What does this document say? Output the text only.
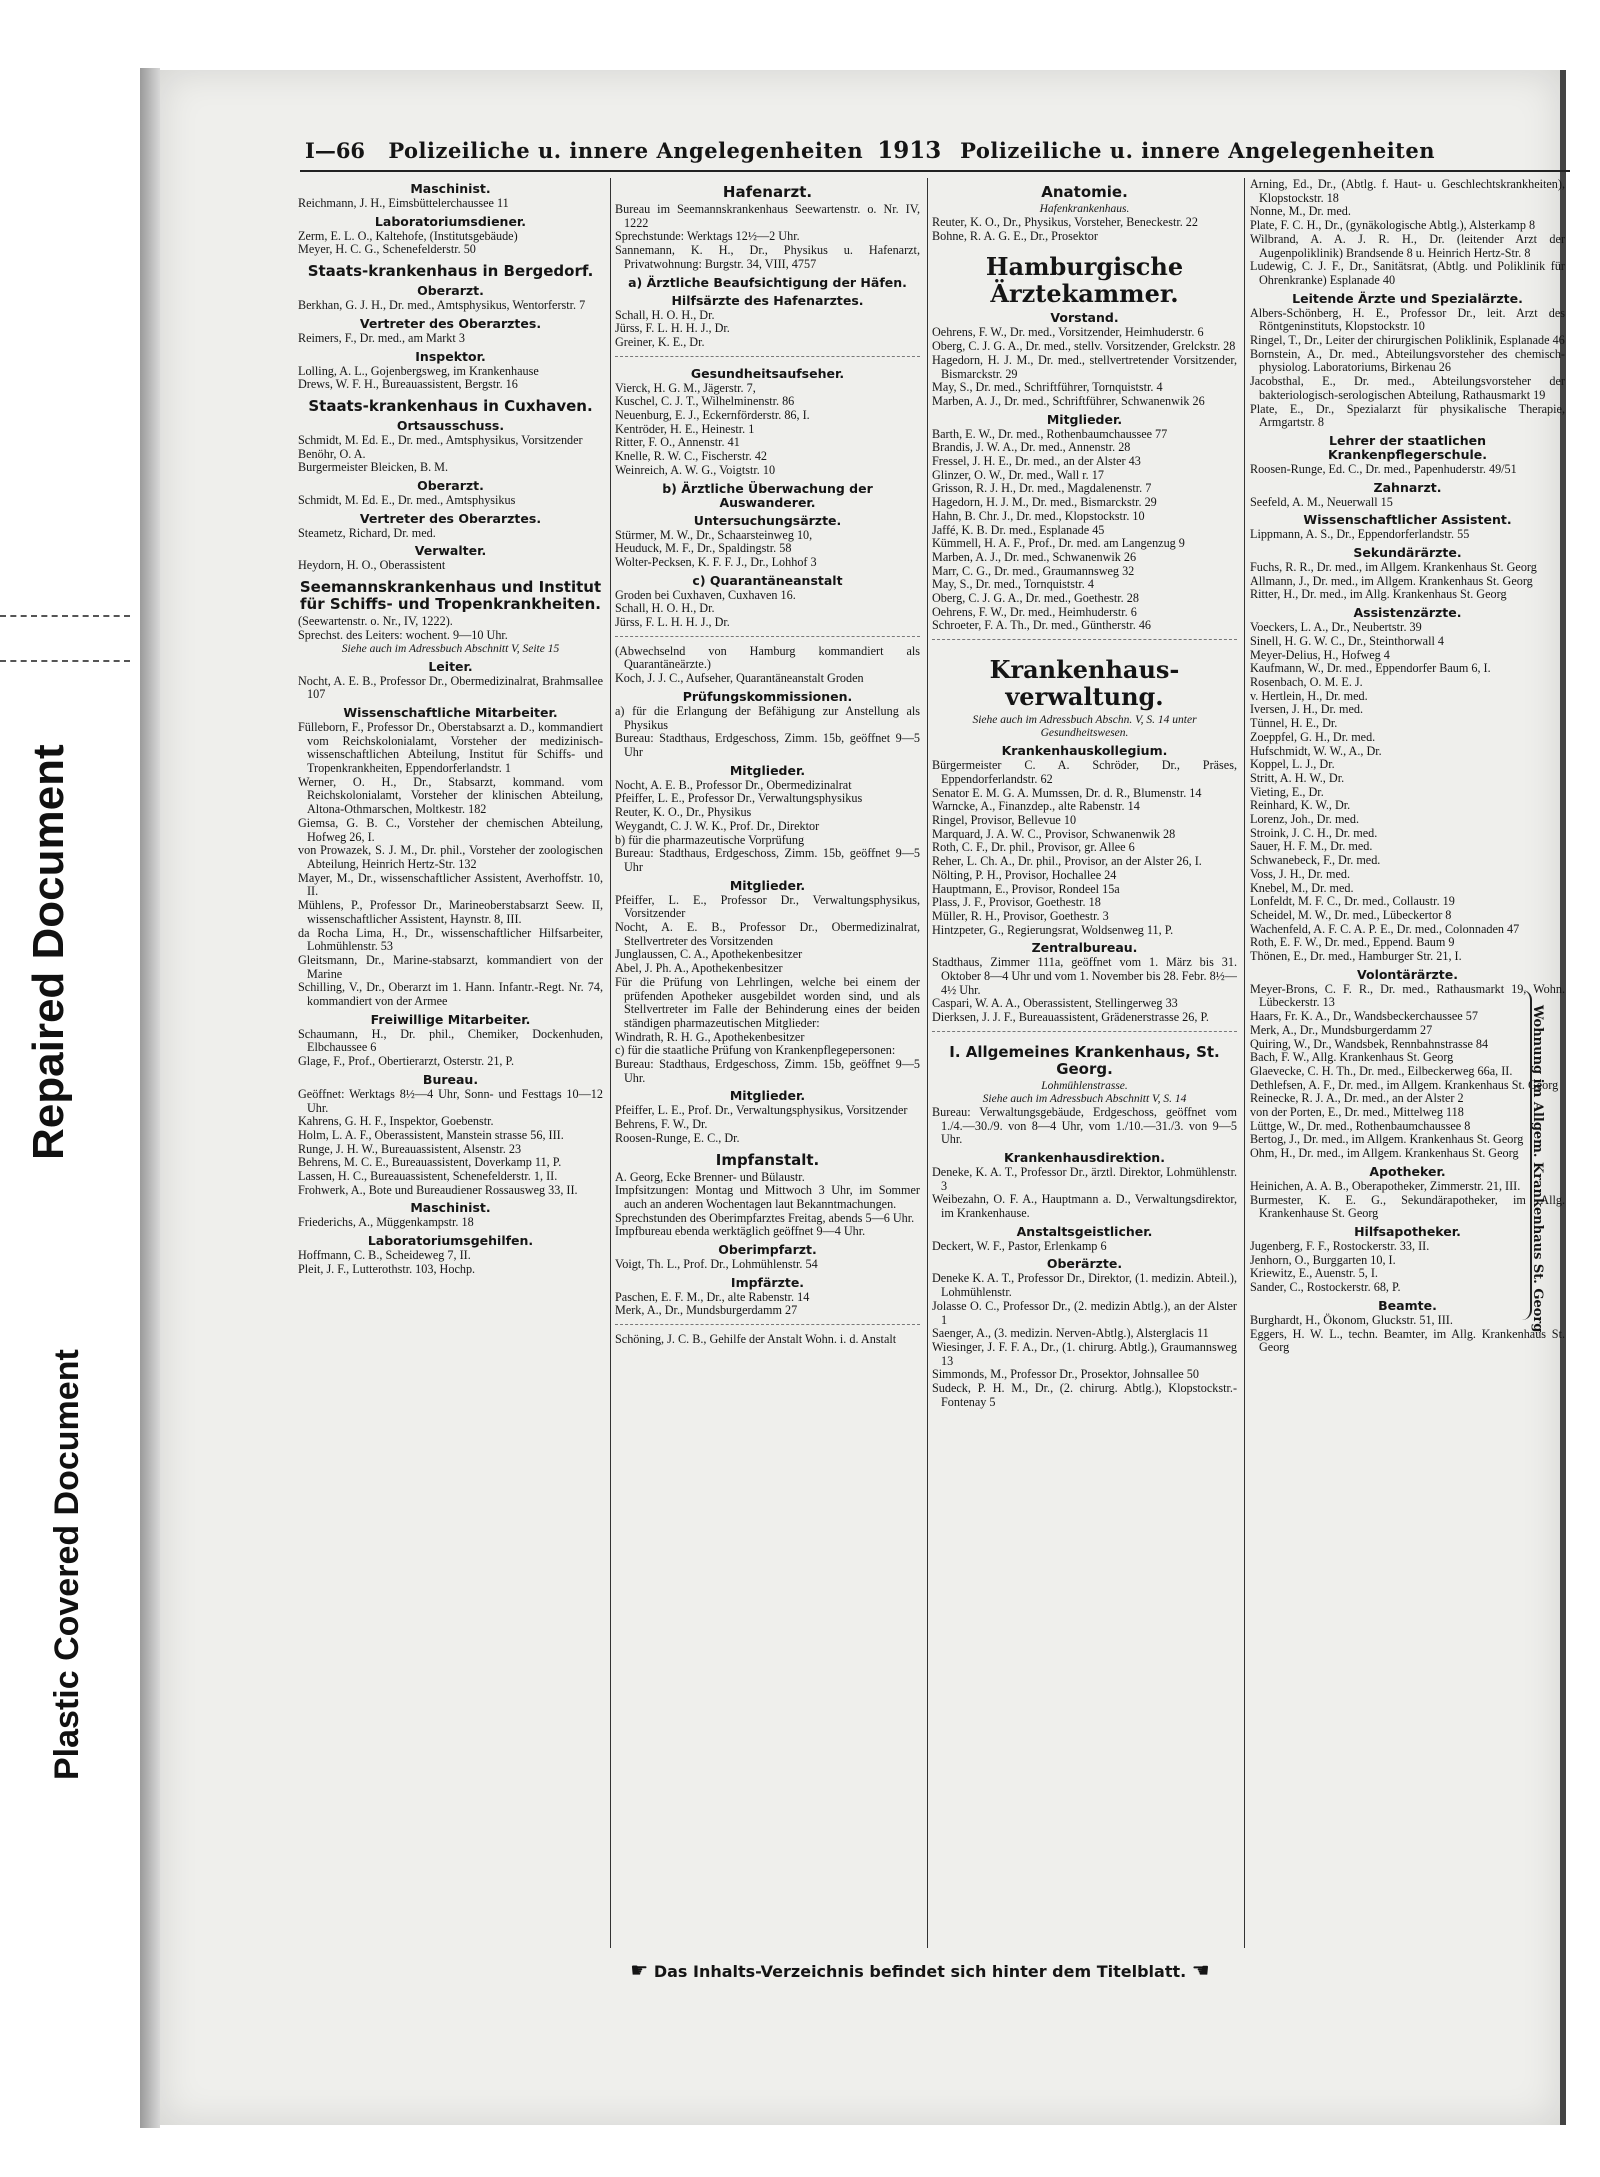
Repaired Document
Plastic Covered Document
I—66	Polizeiliche u. innere Angelegenheiten 1913 Polizeiliche u. innere Angelegenheiten
Maschinist.
Reichmann, J. H., Eimsbüttelerchaussee 11
Laboratoriumsdiener.
Zerm, E. L. O., Kaltehofe, (Institutsgebäude)
Meyer, H. C. G., Schenefelderstr. 50
Staats-krankenhaus in Bergedorf.
Oberarzt.
Berkhan, G. J. H., Dr. med., Amtsphysikus, Wentorferstr. 7
Vertreter des Oberarztes.
Reimers, F., Dr. med., am Markt 3
Inspektor.
Lolling, A. L., Gojenbergsweg, im Krankenhause
Drews, W. F. H., Bureauassistent, Bergstr. 16
Staats-krankenhaus in Cuxhaven.
Ortsausschuss.
Schmidt, M. Ed. E., Dr. med., Amtsphysikus, Vorsitzender
Benöhr, O. A.
Burgermeister Bleicken, B. M.
Oberarzt.
Schmidt, M. Ed. E., Dr. med., Amtsphysikus
Vertreter des Oberarztes.
Steametz, Richard, Dr. med.
Verwalter.
Heydorn, H. O., Oberassistent
Seemannskrankenhaus und Institut für Schiffs- und Tropenkrankheiten.
(Seewartenstr. o. Nr., IV, 1222).
Sprechst. des Leiters: wochent. 9—10 Uhr.
Siehe auch im Adressbuch Abschnitt V, Seite 15
Leiter.
Nocht, A. E. B., Professor Dr., Obermedizinalrat, Brahmsallee 107
Wissenschaftliche Mitarbeiter.
Fülleborn, F., Professor Dr., Oberstabsarzt a. D., kommandiert vom Reichskolonialamt, Vorsteher der medizinisch-wissenschaftlichen Abteilung, Institut für Schiffs- und Tropenkrankheiten, Eppendorferlandstr. 1
Werner, O. H., Dr., Stabsarzt, kommand. vom Reichskolonialamt, Vorsteher der klinischen Abteilung, Altona-Othmarschen, Moltkestr. 182
Giemsa, G. B. C., Vorsteher der chemischen Abteilung, Hofweg 26, I.
von Prowazek, S. J. M., Dr. phil., Vorsteher der zoologischen Abteilung, Heinrich Hertz-Str. 132
Mayer, M., Dr., wissenschaftlicher Assistent, Averhoffstr. 10, II.
Mühlens, P., Professor Dr., Marineoberstabsarzt Seew. II, wissenschaftlicher Assistent, Haynstr. 8, III.
da Rocha Lima, H., Dr., wissenschaftlicher Hilfsarbeiter, Lohmühlenstr. 53
Gleitsmann, Dr., Marine-stabsarzt, kommandiert von der Marine
Schilling, V., Dr., Oberarzt im 1. Hann. Infantr.-Regt. Nr. 74, kommandiert von der Armee
Freiwillige Mitarbeiter.
Schaumann, H., Dr. phil., Chemiker, Dockenhuden, Elbchaussee 6
Glage, F., Prof., Obertierarzt, Osterstr. 21, P.
Bureau.
Geöffnet: Werktags 8½—4 Uhr, Sonn- und Festtags 10—12 Uhr.
Kahrens, G. H. F., Inspektor, Goebenstr.
Holm, L. A. F., Oberassistent, Manstein strasse 56, III.
Runge, J. H. W., Bureauassistent, Alsenstr. 23
Behrens, M. C. E., Bureauassistent, Doverkamp 11, P.
Lassen, H. C., Bureauassistent, Schenefelderstr. 1, II.
Frohwerk, A., Bote und Bureaudiener Rossausweg 33, II.
Maschinist.
Friederichs, A., Müggenkampstr. 18
Laboratoriumsgehilfen.
Hoffmann, C. B., Scheideweg 7, II.
Pleit, J. F., Lutterothstr. 103, Hochp.
Hafenarzt.
Bureau im Seemannskrankenhaus Seewartenstr. o. Nr. IV, 1222
Sprechstunde: Werktags 12½—2 Uhr.
Sannemann, K. H., Dr., Physikus u. Hafenarzt, Privatwohnung: Burgstr. 34, VIII, 4757
a) Ärztliche Beaufsichtigung der Häfen.
Hilfsärzte des Hafenarztes.
Schall, H. O. H., Dr.
Jürss, F. L. H. H. J., Dr.
Greiner, K. E., Dr.
Gesundheitsaufseher.
Vierck, H. G. M., Jägerstr. 7,
Kuschel, C. J. T., Wilhelminenstr. 86
Neuenburg, E. J., Eckernförderstr. 86, I.
Kentröder, H. E., Heinestr. 1
Ritter, F. O., Annenstr. 41
Knelle, R. W. C., Fischerstr. 42
Weinreich, A. W. G., Voigtstr. 10
b) Ärztliche Überwachung der Auswanderer.
Untersuchungsärzte.
Stürmer, M. W., Dr., Schaarsteinweg 10,
Heuduck, M. F., Dr., Spaldingstr. 58
Wolter-Pecksen, K. F. F. J., Dr., Lohhof 3
c) Quarantäneanstalt
Groden bei Cuxhaven, Cuxhaven 16.
Schall, H. O. H., Dr.
Jürss, F. L. H. H. J., Dr.
(Abwechselnd von Hamburg kommandiert als Quarantäneärzte.)
Koch, J. J. C., Aufseher, Quarantäneanstalt Groden
Prüfungskommissionen.
a) für die Erlangung der Befähigung zur Anstellung als Physikus
Bureau: Stadthaus, Erdgeschoss, Zimm. 15b, geöffnet 9—5 Uhr
Mitglieder.
Nocht, A. E. B., Professor Dr., Obermedizinalrat
Pfeiffer, L. E., Professor Dr., Verwaltungsphysikus
Reuter, K. O., Dr., Physikus
Weygandt, C. J. W. K., Prof. Dr., Direktor
b) für die pharmazeutische Vorprüfung
Bureau: Stadthaus, Erdgeschoss, Zimm. 15b, geöffnet 9—5 Uhr
Mitglieder.
Pfeiffer, L. E., Professor Dr., Verwaltungsphysikus, Vorsitzender
Nocht, A. E. B., Professor Dr., Obermedizinalrat, Stellvertreter des Vorsitzenden
Junglaussen, C. A., Apothekenbesitzer
Abel, J. Ph. A., Apothekenbesitzer
Für die Prüfung von Lehrlingen, welche bei einem der prüfenden Apotheker ausgebildet worden sind, und als Stellvertreter im Falle der Behinderung eines der beiden ständigen pharmazeutischen Mitglieder:
Windrath, R. H. G., Apothekenbesitzer
c) für die staatliche Prüfung von Krankenpflegepersonen:
Bureau: Stadthaus, Erdgeschoss, Zimm. 15b, geöffnet 9—5 Uhr.
Mitglieder.
Pfeiffer, L. E., Prof. Dr., Verwaltungsphysikus, Vorsitzender
Behrens, F. W., Dr.
Roosen-Runge, E. C., Dr.
Impfanstalt.
A. Georg, Ecke Brenner- und Bülaustr.
Impfsitzungen: Montag und Mittwoch 3 Uhr, im Sommer auch an anderen Wochentagen laut Bekanntmachungen.
Sprechstunden des Oberimpfarztes Freitag, abends 5—6 Uhr.
Impfbureau ebenda werktäglich geöffnet 9—4 Uhr.
Oberimpfarzt.
Voigt, Th. L., Prof. Dr., Lohmühlenstr. 54
Impfärzte.
Paschen, E. F. M., Dr., alte Rabenstr. 14
Merk, A., Dr., Mundsburgerdamm 27
Schöning, J. C. B., Gehilfe der Anstalt Wohn. i. d. Anstalt
Anatomie.
Hafenkrankenhaus.
Reuter, K. O., Dr., Physikus, Vorsteher, Beneckestr. 22
Bohne, R. A. G. E., Dr., Prosektor
Hamburgische Ärztekammer.
Vorstand.
Oehrens, F. W., Dr. med., Vorsitzender, Heimhuderstr. 6
Oberg, C. J. G. A., Dr. med., stellv. Vorsitzender, Grelckstr. 28
Hagedorn, H. J. M., Dr. med., stellvertretender Vorsitzender, Bismarckstr. 29
May, S., Dr. med., Schriftführer, Tornquiststr. 4
Marben, A. J., Dr. med., Schriftführer, Schwanenwik 26
Mitglieder.
Barth, E. W., Dr. med., Rothenbaumchaussee 77
Brandis, J. W. A., Dr. med., Annenstr. 28
Fressel, J. H. E., Dr. med., an der Alster 43
Glinzer, O. W., Dr. med., Wall r. 17
Grisson, R. J. H., Dr. med., Magdalenenstr. 7
Hagedorn, H. J. M., Dr. med., Bismarckstr. 29
Hahn, B. Chr. J., Dr. med., Klopstockstr. 10
Jaffé, K. B. Dr. med., Esplanade 45
Kümmell, H. A. F., Prof., Dr. med. am Langenzug 9
Marben, A. J., Dr. med., Schwanenwik 26
Marr, C. G., Dr. med., Graumannsweg 32
May, S., Dr. med., Tornquiststr. 4
Oberg, C. J. G. A., Dr. med., Goethestr. 28
Oehrens, F. W., Dr. med., Heimhuderstr. 6
Schroeter, F. A. Th., Dr. med., Güntherstr. 46
Krankenhaus-verwaltung.
Siehe auch im Adressbuch Abschn. V, S. 14 unter Gesundheitswesen.
Krankenhauskollegium.
Bürgermeister C. A. Schröder, Dr., Präses, Eppendorferlandstr. 62
Senator E. M. G. A. Mumssen, Dr. d. R., Blumenstr. 14
Warncke, A., Finanzdep., alte Rabenstr. 14
Ringel, Provisor, Bellevue 10
Marquard, J. A. W. C., Provisor, Schwanenwik 28
Roth, C. F., Dr. phil., Provisor, gr. Allee 6
Reher, L. Ch. A., Dr. phil., Provisor, an der Alster 26, I.
Nölting, P. H., Provisor, Hochallee 24
Hauptmann, E., Provisor, Rondeel 15a
Plass, J. F., Provisor, Goethestr. 18
Müller, R. H., Provisor, Goethestr. 3
Hintzpeter, G., Regierungsrat, Woldsenweg 11, P.
Zentralbureau.
Stadthaus, Zimmer 111a, geöffnet vom 1. März bis 31. Oktober 8—4 Uhr und vom 1. November bis 28. Febr. 8½—4½ Uhr.
Caspari, W. A. A., Oberassistent, Stellingerweg 33
Dierksen, J. J. F., Bureauassistent, Grädenerstrasse 26, P.
I. Allgemeines Krankenhaus, St. Georg.
Lohmühlenstrasse.
Siehe auch im Adressbuch Abschnitt V, S. 14
Bureau: Verwaltungsgebäude, Erdgeschoss, geöffnet vom 1./4.—30./9. von 8—4 Uhr, vom 1./10.—31./3. von 9—5 Uhr.
Krankenhausdirektion.
Deneke, K. A. T., Professor Dr., ärztl. Direktor, Lohmühlenstr. 3
Weibezahn, O. F. A., Hauptmann a. D., Verwaltungsdirektor, im Krankenhause.
Anstaltsgeistlicher.
Deckert, W. F., Pastor, Erlenkamp 6
Oberärzte.
Deneke K. A. T., Professor Dr., Direktor, (1. medizin. Abteil.), Lohmühlenstr.
Jolasse O. C., Professor Dr., (2. medizin Abtlg.), an der Alster 1
Saenger, A., (3. medizin. Nerven-Abtlg.), Alsterglacis 11
Wiesinger, J. F. F. A., Dr., (1. chirurg. Abtlg.), Graumannsweg 13
Simmonds, M., Professor Dr., Prosektor, Johnsallee 50
Sudeck, P. H. M., Dr., (2. chirurg. Abtlg.), Klopstockstr.-Fontenay 5
Arning, Ed., Dr., (Abtlg. f. Haut- u. Geschlechtskrankheiten), Klopstockstr. 18
Nonne, M., Dr. med.
Plate, F. C. H., Dr., (gynäkologische Abtlg.), Alsterkamp 8
Wilbrand, A. A. J. R. H., Dr. (leitender Arzt der Augenpoliklinik) Brandsende 8 u. Heinrich Hertz-Str. 8
Ludewig, C. J. F., Dr., Sanitätsrat, (Abtlg. und Poliklinik für Ohrenkranke) Esplanade 40
Leitende Ärzte und Spezialärzte.
Albers-Schönberg, H. E., Professor Dr., leit. Arzt des Röntgeninstituts, Klopstockstr. 10
Ringel, T., Dr., Leiter der chirurgischen Poliklinik, Esplanade 46
Bornstein, A., Dr. med., Abteilungsvorsteher des chemisch-physiolog. Laboratoriums, Birkenau 26
Jacobsthal, E., Dr. med., Abteilungsvorsteher der bakteriologisch-serologischen Abteilung, Rathausmarkt 19
Plate, E., Dr., Spezialarzt für physikalische Therapie, Armgartstr. 8
Lehrer der staatlichen Krankenpflegerschule.
Roosen-Runge, Ed. C., Dr. med., Papenhuderstr. 49/51
Zahnarzt.
Seefeld, A. M., Neuerwall 15
Wissenschaftlicher Assistent.
Lippmann, A. S., Dr., Eppendorferlandstr. 55
Sekundärärzte.
Fuchs, R. R., Dr. med., im Allgem. Krankenhaus St. Georg
Allmann, J., Dr. med., im Allgem. Krankenhaus St. Georg
Ritter, H., Dr. med., im Allg. Krankenhaus St. Georg
Assistenzärzte.
Voeckers, L. A., Dr., Neubertstr. 39
Sinell, H. G. W. C., Dr., Steinthorwall 4
Meyer-Delius, H., Hofweg 4
Kaufmann, W., Dr. med., Eppendorfer Baum 6, I.
Rosenbach, O. M. E. J.
v. Hertlein, H., Dr. med.
Iversen, J. H., Dr. med.
Tünnel, H. E., Dr.
Zoeppfel, G. H., Dr. med.
Hufschmidt, W. W., A., Dr.
Koppel, L. J., Dr.
Stritt, A. H. W., Dr.
Vieting, E., Dr.
Reinhard, K. W., Dr.
Lorenz, Joh., Dr. med.
Stroink, J. C. H., Dr. med.
Sauer, H. F. M., Dr. med.
Schwanebeck, F., Dr. med.
Voss, J. H., Dr. med.
Knebel, M., Dr. med.
Lonfeldt, M. F. C., Dr. med., Collaustr. 19
Scheidel, M. W., Dr. med., Lübeckertor 8
Wachenfeld, A. F. C. A. P. E., Dr. med., Colonnaden 47
Roth, E. F. W., Dr. med., Eppend. Baum 9
Thönen, E., Dr. med., Hamburger Str. 21, I.
Volontärärzte.
Meyer-Brons, C. F. R., Dr. med., Rathausmarkt 19, Wohn. Lübeckerstr. 13
Haars, Fr. K. A., Dr., Wandsbeckerchaussee 57
Merk, A., Dr., Mundsburgerdamm 27
Quiring, W., Dr., Wandsbek, Rennbahnstrasse 84
Bach, F. W., Allg. Krankenhaus St. Georg
Glaevecke, C. H. Th., Dr. med., Eilbeckerweg 66a, II.
Dethlefsen, A. F., Dr. med., im Allgem. Krankenhaus St. Georg
Reinecke, R. J. A., Dr. med., an der Alster 2
von der Porten, E., Dr. med., Mittelweg 118
Lüttge, W., Dr. med., Rothenbaumchaussee 8
Bertog, J., Dr. med., im Allgem. Krankenhaus St. Georg
Ohm, H., Dr. med., im Allgem. Krankenhaus St. Georg
Apotheker.
Heinichen, A. A. B., Oberapotheker, Zimmerstr. 21, III.
Burmester, K. E. G., Sekundärapotheker, im Allg. Krankenhause St. Georg
Hilfsapotheker.
Jugenberg, F. F., Rostockerstr. 33, II.
Jenhorn, O., Burggarten 10, I.
Kriewitz, E., Auenstr. 5, I.
Sander, C., Rostockerstr. 68, P.
Beamte.
Burghardt, H., Ökonom, Gluckstr. 51, III.
Eggers, H. W. L., techn. Beamter, im Allg. Krankenhaus St. Georg
Wohnung im Allgem. Krankenhaus St. Georg
☛ Das Inhalts-Verzeichnis befindet sich hinter dem Titelblatt. ☚
